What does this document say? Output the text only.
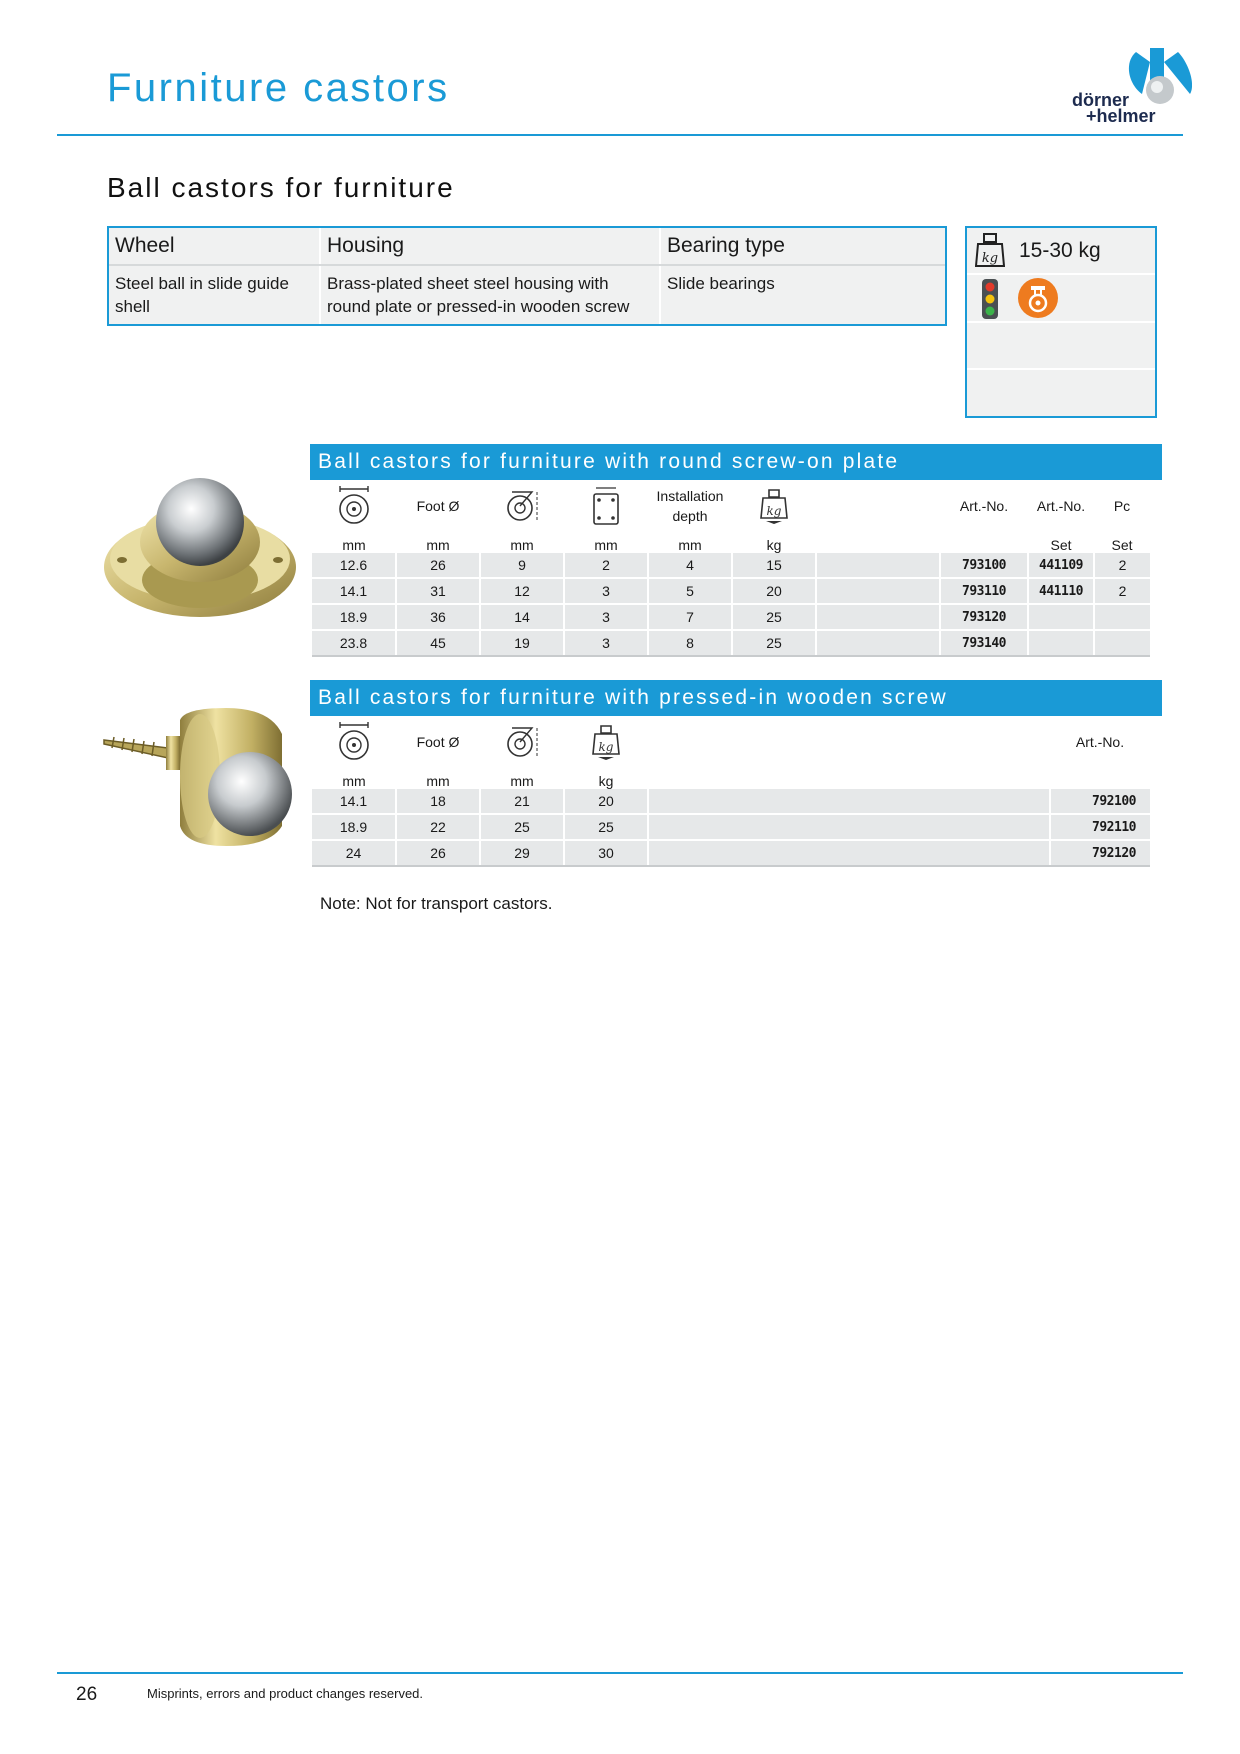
Furniture castors	dörner
+helmer
Ball castors for furniture
Wheel	Housing	Bearing type
Steel ball in slide guide shell	Brass-plated sheet steel housing with round plate or pressed-in wooden screw	Slide bearings
kg 15-30 kg
Ball castors for furniture with round screw-on plate
	Foot Ø			Installation depth	kg		Art.-No.	Art.-No.	Pc
mm	mm	mm	mm	mm	kg			Set	Set
12.6	26	9	2	4	15		793100	441109	2
14.1	31	12	3	5	20		793110	441110	2
18.9	36	14	3	7	25		793120		
23.8	45	19	3	8	25		793140		
Ball castors for furniture with pressed-in wooden screw
	Foot Ø		kg		Art.-No.
mm	mm	mm	kg		
14.1	18	21	20		792100
18.9	22	25	25		792110
24	26	29	30		792120
Note: Not for transport castors.
26	Misprints, errors and product changes reserved.
